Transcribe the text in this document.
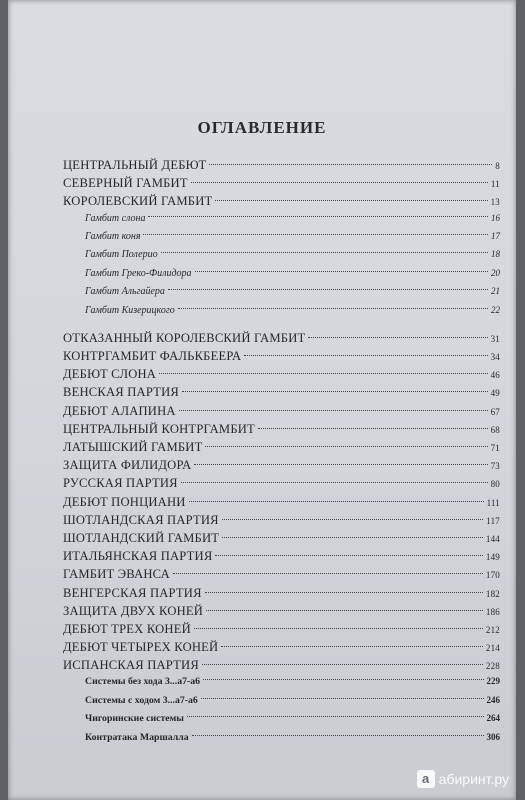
ОГЛАВЛЕНИЕ
ЦЕНТРАЛЬНЫЙ ДЕБЮТ	8
СЕВЕРНЫЙ ГАМБИТ	11
КОРОЛЕВСКИЙ ГАМБИТ	13
Гамбит слона	16
Гамбит коня	17
Гамбит Полерио	18
Гамбит Греко-Филидора	20
Гамбит Альгайера	21
Гамбит Кизерицкого	22
ОТКАЗАННЫЙ КОРОЛЕВСКИЙ ГАМБИТ	31
КОНТРГАМБИТ ФАЛЬКБЕЕРА	34
ДЕБЮТ СЛОНА	46
ВЕНСКАЯ ПАРТИЯ	49
ДЕБЮТ АЛАПИНА	67
ЦЕНТРАЛЬНЫЙ КОНТРГАМБИТ	68
ЛАТЫШСКИЙ ГАМБИТ	71
ЗАЩИТА ФИЛИДОРА	73
РУССКАЯ ПАРТИЯ	80
ДЕБЮТ ПОНЦИАНИ	111
ШОТЛАНДСКАЯ ПАРТИЯ	117
ШОТЛАНДСКИЙ ГАМБИТ	144
ИТАЛЬЯНСКАЯ ПАРТИЯ	149
ГАМБИТ ЭВАНСА	170
ВЕНГЕРСКАЯ ПАРТИЯ	182
ЗАЩИТА ДВУХ КОНЕЙ	186
ДЕБЮТ ТРЕХ КОНЕЙ	212
ДЕБЮТ ЧЕТЫРЕХ КОНЕЙ	214
ИСПАНСКАЯ ПАРТИЯ	228
Системы без хода 3...а7-а6	229
Системы с ходом 3...а7-а6	246
Чигоринские системы	264
Контратака Маршалла	306
a абиринт.ру
